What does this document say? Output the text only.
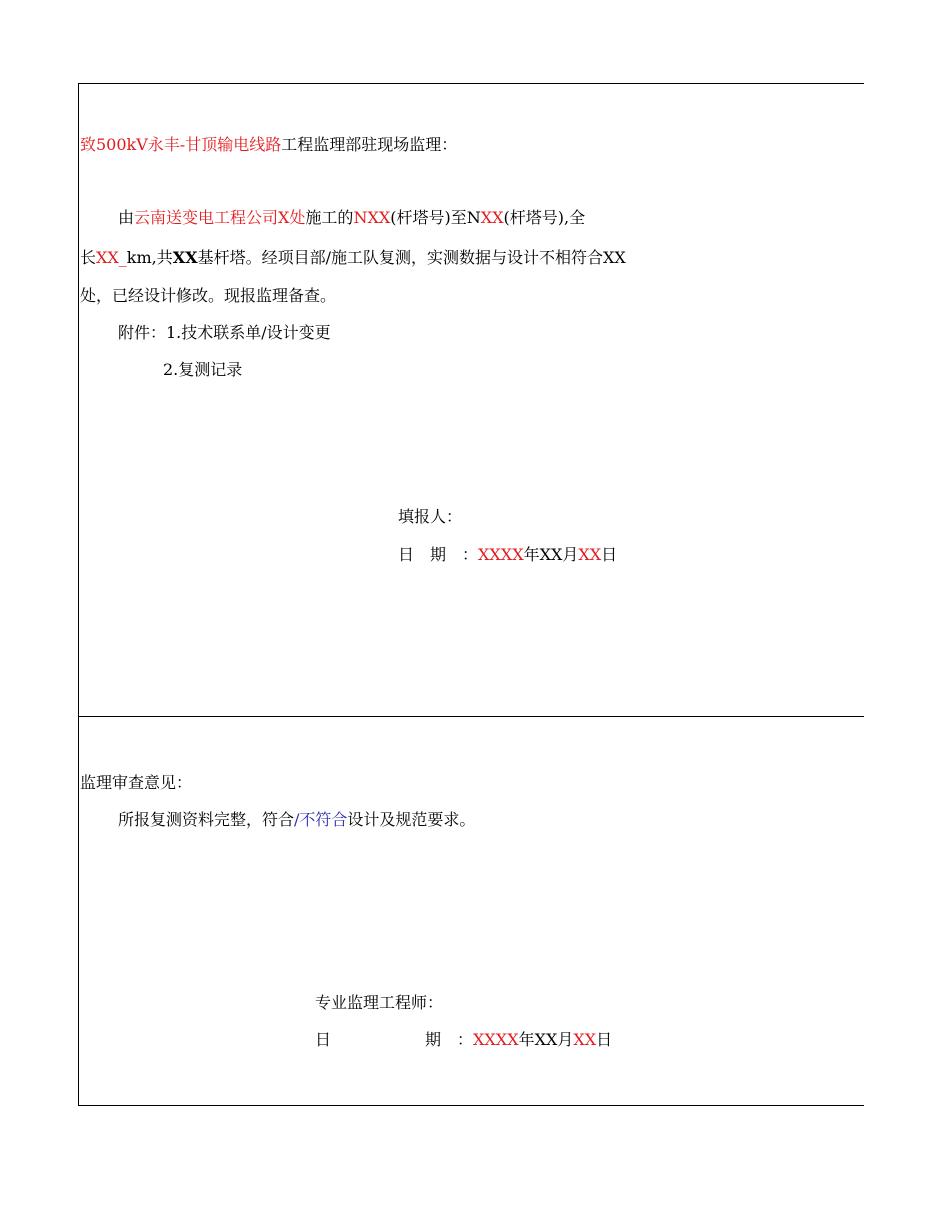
致500kV永丰-甘顶输电线路工程监理部驻现场监理：
由云南送变电工程公司X处施工的NXX(杆塔号)至NXX(杆塔号),全
长XX_km,共XX基杆塔。经项目部/施工队复测，实测数据与设计不相符合XX
处，已经设计修改。现报监理备查。
附件：1.技术联系单/设计变更
2.复测记录
填报人：
日　期　：XXXX年XX月XX日
监理审查意见：
所报复测资料完整，符合/不符合设计及规范要求。
专业监理工程师：
日	期　：XXXX年XX月XX日
